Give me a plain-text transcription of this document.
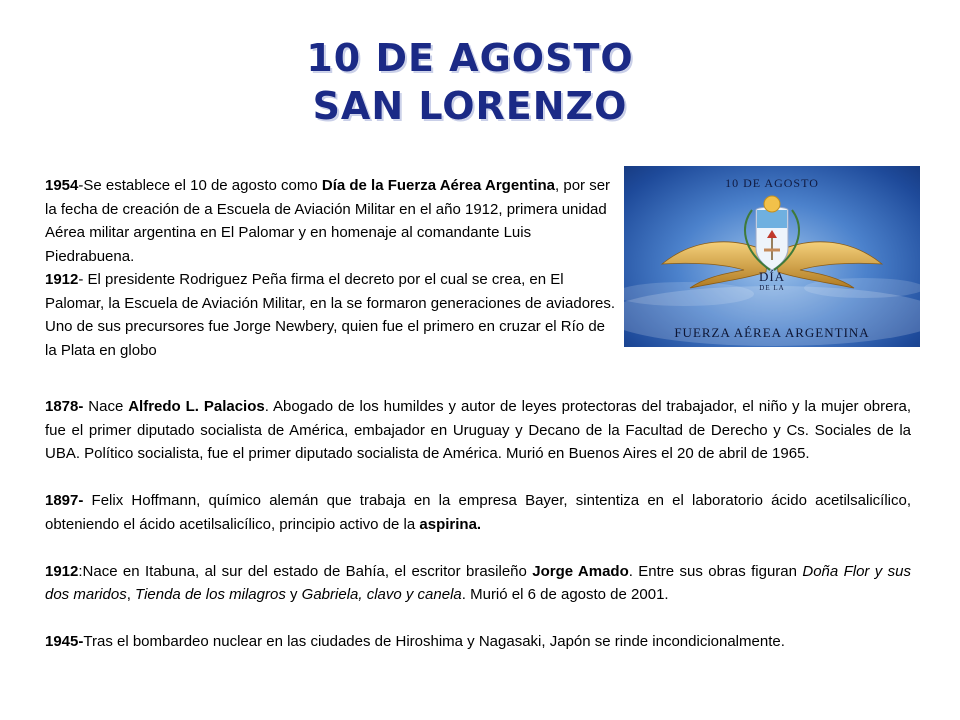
10 DE AGOSTO
SAN LORENZO

1954-Se establece el 10 de agosto como Día de la Fuerza Aérea Argentina, por ser la fecha de creación de a Escuela de Aviación Militar en el año 1912, primera unidad Aérea militar argentina en El Palomar y en homenaje al comandante Luis Piedrabuena.

1912- El presidente Rodriguez Peña firma el decreto por el cual se crea, en El Palomar, la Escuela de Aviación Militar, en la se formaron generaciones de aviadores. Uno de sus precursores fue Jorge Newbery, quien fue el primero en cruzar el Río de la Plata en globo

10 DE AGOSTO
DÍA
DE LA
FUERZA AÉREA ARGENTINA

1878- Nace Alfredo L. Palacios. Abogado de los humildes y autor de leyes protectoras del trabajador, el niño y la mujer obrera, fue el primer diputado socialista de América, embajador en Uruguay y Decano de la Facultad de Derecho y Cs. Sociales de la UBA. Político socialista, fue el primer diputado socialista de América. Murió en Buenos Aires el 20 de abril de 1965.

1897- Felix Hoffmann, químico alemán que trabaja en la empresa Bayer, sintentiza en el laboratorio ácido acetilsalicílico, obteniendo el ácido acetilsalicílico, principio activo de la aspirina.

1912:Nace en Itabuna, al sur del estado de Bahía, el escritor brasileño Jorge Amado. Entre sus obras figuran Doña Flor y sus dos maridos, Tienda de los milagros y Gabriela, clavo y canela. Murió el 6 de agosto de 2001.

1945-Tras el bombardeo nuclear en las ciudades de Hiroshima y Nagasaki, Japón se rinde incondicionalmente.
